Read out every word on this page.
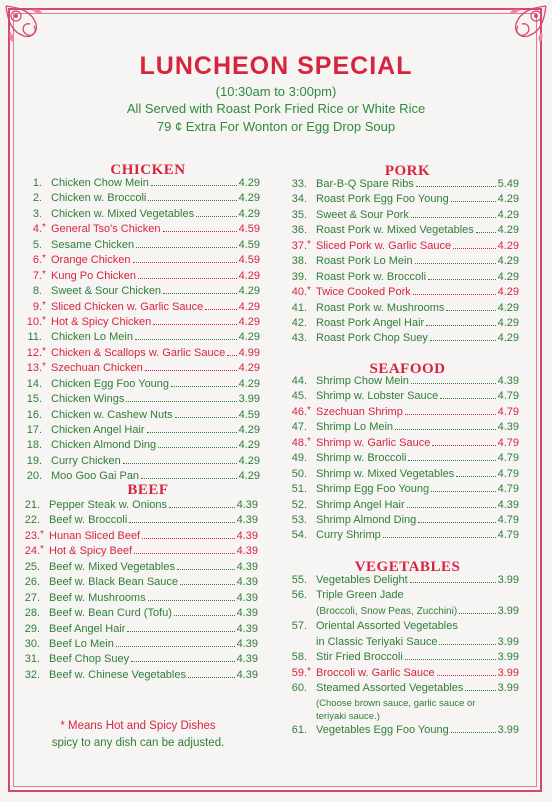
LUNCHEON SPECIAL
(10:30am to 3:00pm)
All Served with Roast Pork Fried Rice or White Rice
79 ¢ Extra For Wonton or Egg Drop Soup
CHICKEN
1. Chicken Chow Mein	4.29
2. Chicken w. Broccoli	4.29
3. Chicken w. Mixed Vegetables	4.29
4. * General Tso's Chicken	4.59
5. Sesame Chicken	4.59
6. * Orange Chicken	4.59
7. * Kung Po Chicken	4.29
8. Sweet & Sour Chicken	4.29
9. * Sliced Chicken w. Garlic Sauce	4.29
10. * Hot & Spicy Chicken	4.29
11. Chicken Lo Mein	4.29
12. * Chicken & Scallops w. Garlic Sauce 4.99
13. * Szechuan Chicken	4.29
14. Chicken Egg Foo Young	4.29
15. Chicken Wings	3.99
16. Chicken w. Cashew Nuts	4.59
17. Chicken Angel Hair	4.29
18. Chicken Almond Ding	4.29
19. Curry Chicken	4.29
20. Moo Goo Gai Pan	4.29
BEEF
21. Pepper Steak w. Onions	4.39
22. Beef w. Broccoli	4.39
23. * Hunan Sliced Beef	4.39
24. * Hot & Spicy Beef	4.39
25. Beef w. Mixed Vegetables	4.39
26. Beef w. Black Bean Sauce	4.39
27. Beef w. Mushrooms	4.39
28. Beef w. Bean Curd (Tofu)	4.39
29. Beef Angel Hair	4.39
30. Beef Lo Mein	4.39
31. Beef Chop Suey	4.39
32. Beef w. Chinese Vegetables	4.39
PORK
33. Bar-B-Q Spare Ribs	5.49
34. Roast Pork Egg Foo Young	4.29
35. Sweet & Sour Pork	4.29
36. Roast Pork w. Mixed Vegetables 4.29
37. * Sliced Pork w. Garlic Sauce	4.29
38. Roast Pork Lo Mein	4.29
39. Roast Pork w. Broccoli	4.29
40. * Twice Cooked Pork	4.29
41. Roast Pork w. Mushrooms	4.29
42. Roast Pork Angel Hair	4.29
43. Roast Pork Chop Suey	4.29
SEAFOOD
44. Shrimp Chow Mein	4.39
45. Shrimp w. Lobster Sauce	4.79
46. * Szechuan Shrimp	4.79
47. Shrimp Lo Mein	4.39
48. * Shrimp w. Garlic Sauce	4.79
49. Shrimp w. Broccoli	4.79
50. Shrimp w. Mixed Vegetables	4.79
51. Shrimp Egg Foo Young	4.79
52. Shrimp Angel Hair	4.39
53. Shrimp Almond Ding	4.79
54. Curry Shrimp	4.79
VEGETABLES
55. Vegetables Delight	3.99
56. Triple Green Jade
(Broccoli, Snow Peas, Zucchini)	3.99
57. Oriental Assorted Vegetables
in Classic Teriyaki Sauce	3.99
58. Stir Fried Broccoli	3.99
59. * Broccoli w. Garlic Sauce	3.99
60. Steamed Assorted Vegetables	3.99
(Choose brown sauce, garlic sauce or
teriyaki sauce.)
61. Vegetables Egg Foo Young	3.99
* Means Hot and Spicy Dishes
spicy to any dish can be adjusted.
